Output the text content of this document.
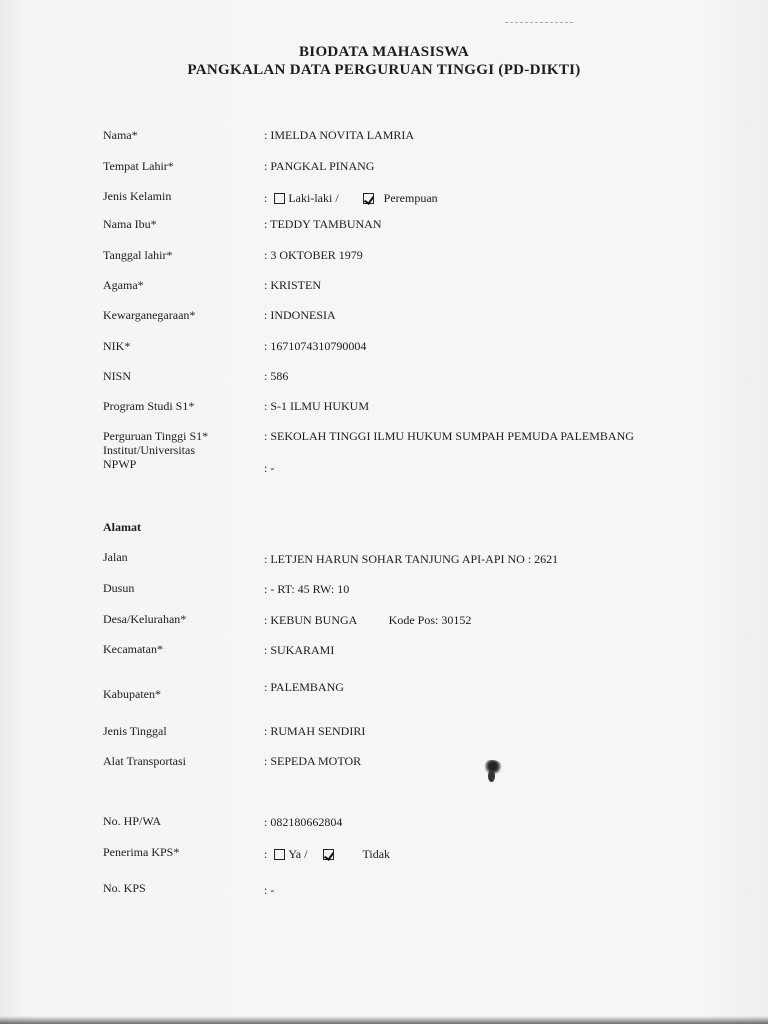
BIODATA MAHASISWA
PANGKALAN DATA PERGURUAN TINGGI (PD-DIKTI)
Nama*	: IMELDA NOVITA LAMRIA
Tempat Lahir*	: PANGKAL PINANG
Jenis Kelamin	: Laki-laki /	Perempuan
Nama Ibu*	: TEDDY TAMBUNAN
Tanggal lahir*	: 3 OKTOBER 1979
Agama*	: KRISTEN
Kewarganegaraan*	: INDONESIA
NIK*	: 1671074310790004
NISN	: 586
Program Studi S1*	: S-1 ILMU HUKUM
Perguruan Tinggi S1*
Institut/Universitas
: SEKOLAH TINGGI ILMU HUKUM SUMPAH PEMUDA PALEMBANG
NPWP	: -
Alamat
Jalan	: LETJEN HARUN SOHAR TANJUNG API-API NO : 2621
Dusun	: - RT: 45 RW: 10
Desa/Kelurahan*	: KEBUN BUNGA	Kode Pos: 30152
Kecamatan*	: SUKARAMI
Kabupaten*	: PALEMBANG
Jenis Tinggal	: RUMAH SENDIRI
Alat Transportasi	: SEPEDA MOTOR
No. HP/WA	: 082180662804
Penerima KPS*	: Ya /	Tidak
No. KPS	: -
